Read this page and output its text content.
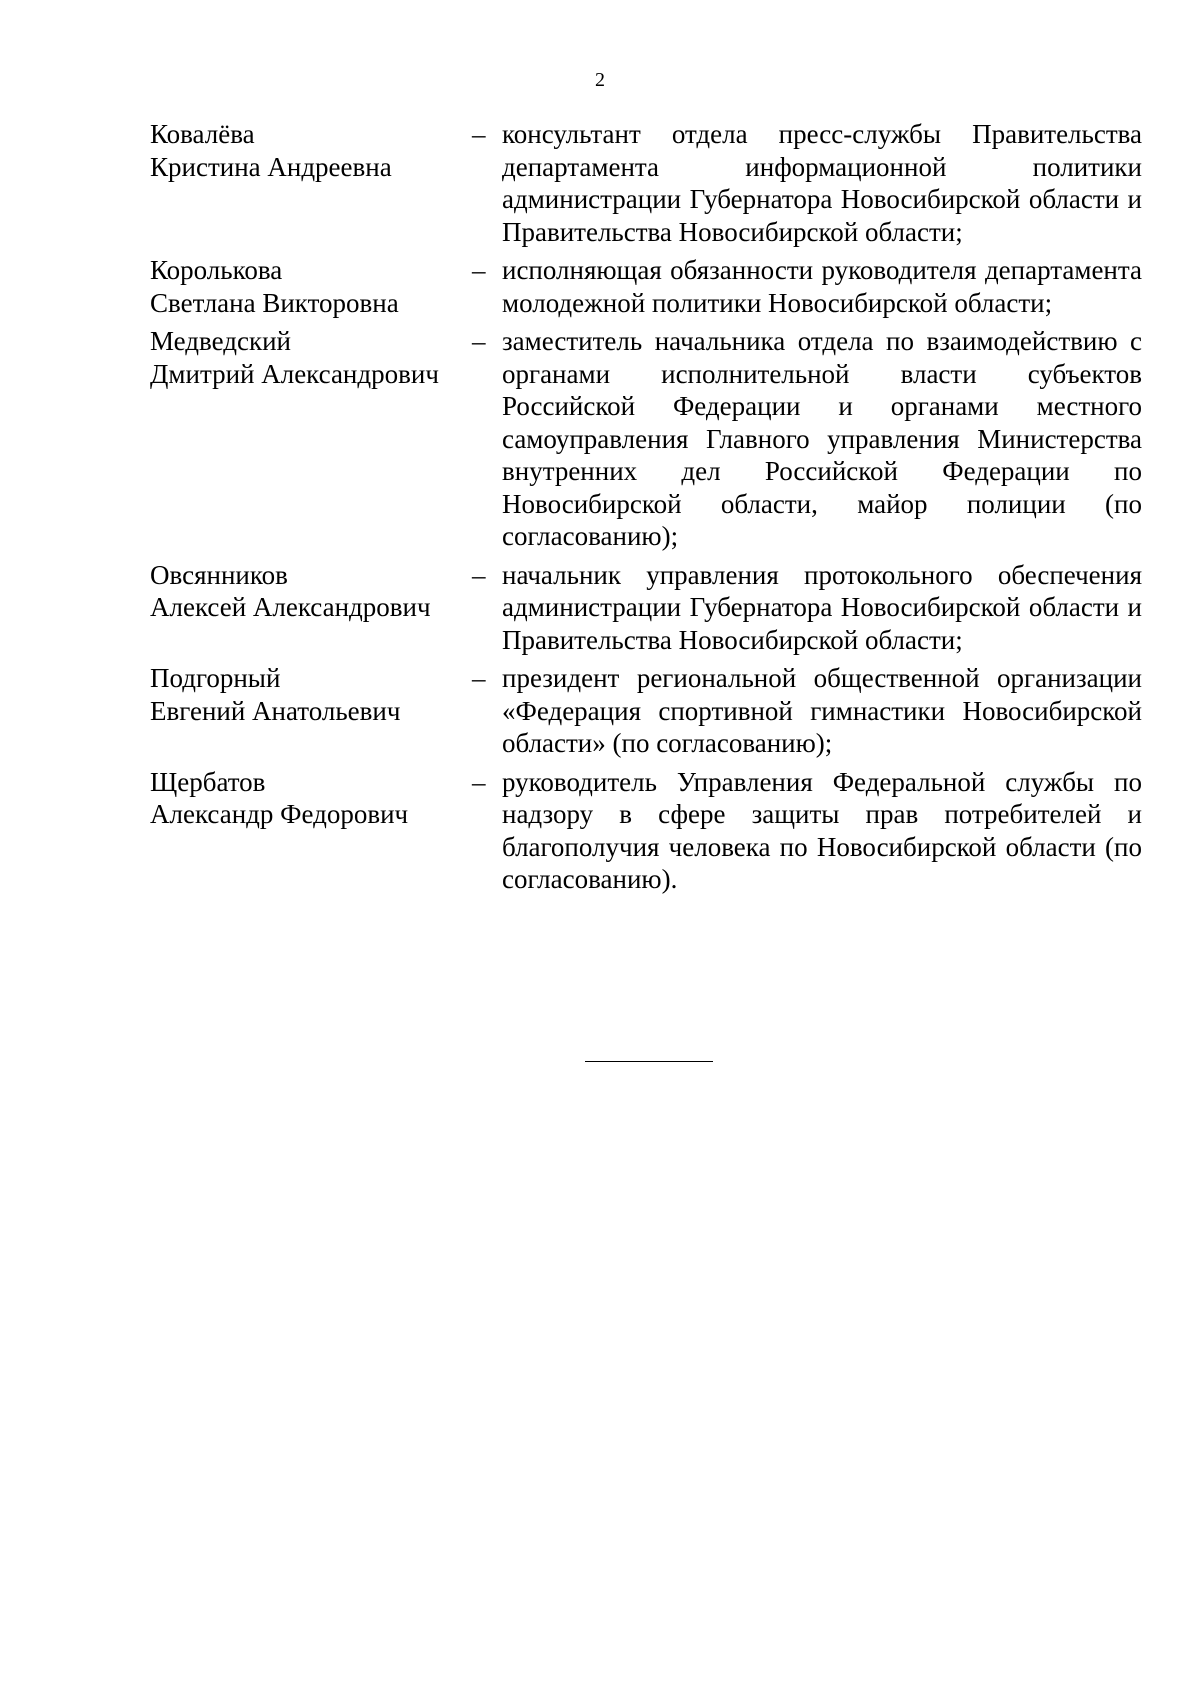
2
Ковалёва
Кристина Андреевна
– консультант отдела пресс-службы Правительства департамента информационной политики администрации Губернатора Новосибирской области и Правительства Новосибирской области;
Королькова
Светлана Викторовна
– исполняющая обязанности руководителя департамента молодежной политики Новосибирской области;
Медведский
Дмитрий Александрович
– заместитель начальника отдела по взаимодействию с органами исполнительной власти субъектов Российской Федерации и органами местного самоуправления Главного управления Министерства внутренних дел Российской Федерации по Новосибирской области, майор полиции (по согласованию);
Овсянников
Алексей Александрович
– начальник управления протокольного обеспечения администрации Губернатора Новосибирской области и Правительства Новосибирской области;
Подгорный
Евгений Анатольевич
– президент региональной общественной организации «Федерация спортивной гимнастики Новосибирской области» (по согласованию);
Щербатов
Александр Федорович
– руководитель Управления Федеральной службы по надзору в сфере защиты прав потребителей и благополучия человека по Новосибирской области (по согласованию).
